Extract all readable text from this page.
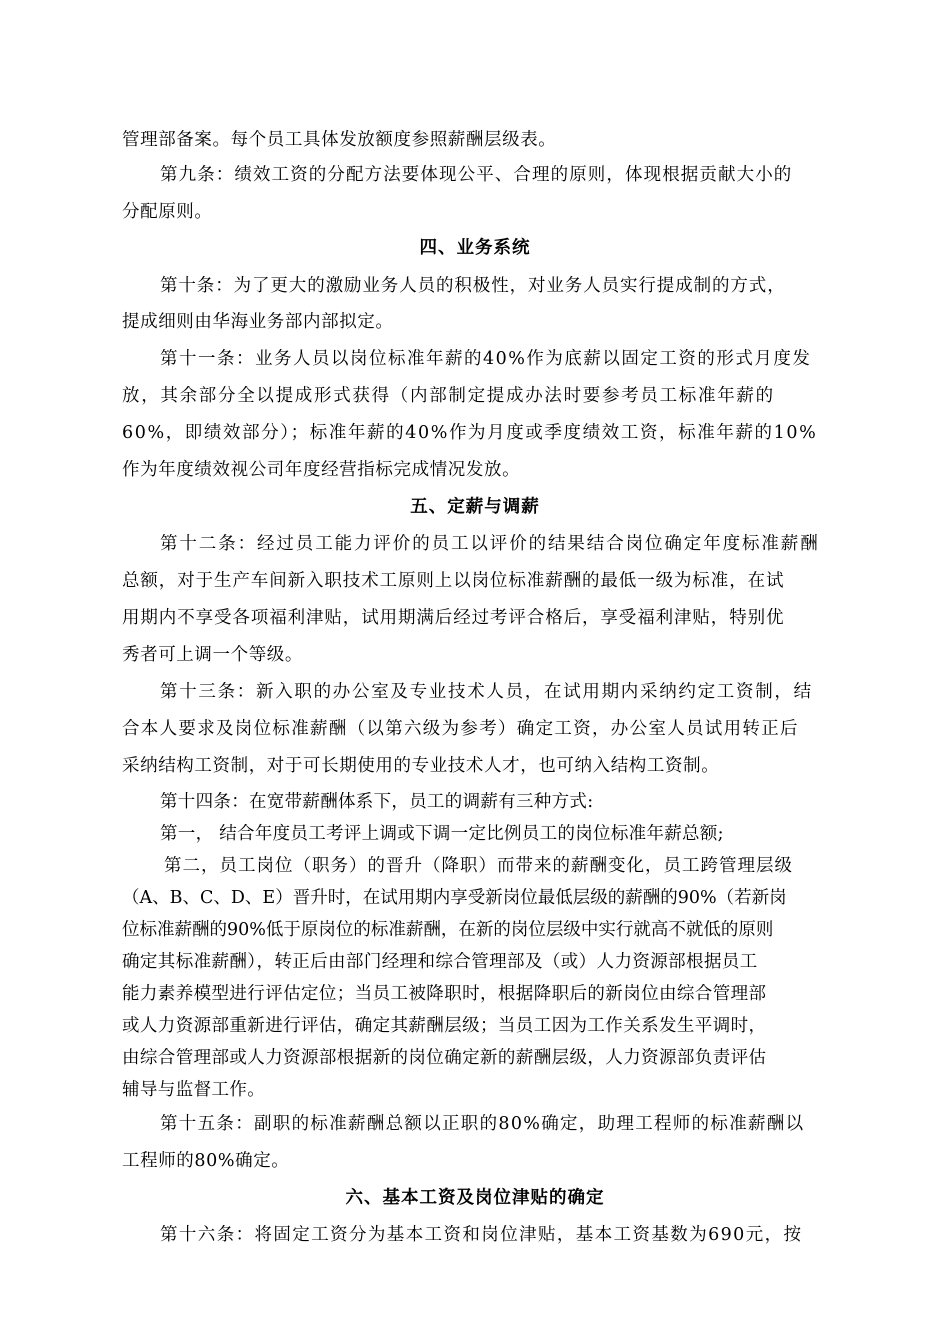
管理部备案。每个员工具体发放额度参照薪酬层级表。
第九条：绩效工资的分配方法要体现公平、合理的原则，体现根据贡献大小的
分配原则。
四、业务系统
第十条：为了更大的激励业务人员的积极性，对业务人员实行提成制的方式，
提成细则由华海业务部内部拟定。
第十一条：业务人员以岗位标准年薪的40%作为底薪以固定工资的形式月度发
放，其余部分全以提成形式获得（内部制定提成办法时要参考员工标准年薪的
60%，即绩效部分）；标准年薪的40%作为月度或季度绩效工资，标准年薪的10%
作为年度绩效视公司年度经营指标完成情况发放。
五、定薪与调薪
第十二条：经过员工能力评价的员工以评价的结果结合岗位确定年度标准薪酬
总额，对于生产车间新入职技术工原则上以岗位标准薪酬的最低一级为标准，在试
用期内不享受各项福利津贴，试用期满后经过考评合格后，享受福利津贴，特别优
秀者可上调一个等级。
第十三条：新入职的办公室及专业技术人员，在试用期内采纳约定工资制，结
合本人要求及岗位标准薪酬（以第六级为参考）确定工资，办公室人员试用转正后
采纳结构工资制，对于可长期使用的专业技术人才，也可纳入结构工资制。
第十四条：在宽带薪酬体系下，员工的调薪有三种方式:
第一， 结合年度员工考评上调或下调一定比例员工的岗位标准年薪总额;
第二，员工岗位（职务）的晋升（降职）而带来的薪酬变化，员工跨管理层级
（A、B、C、D、E）晋升时，在试用期内享受新岗位最低层级的薪酬的90%（若新岗
位标准薪酬的90%低于原岗位的标准薪酬，在新的岗位层级中实行就高不就低的原则
确定其标准薪酬），转正后由部门经理和综合管理部及（或）人力资源部根据员工
能力素养模型进行评估定位；当员工被降职时，根据降职后的新岗位由综合管理部
或人力资源部重新进行评估，确定其薪酬层级；当员工因为工作关系发生平调时，
由综合管理部或人力资源部根据新的岗位确定新的薪酬层级，人力资源部负责评估
辅导与监督工作。
第十五条：副职的标准薪酬总额以正职的80%确定，助理工程师的标准薪酬以
工程师的80%确定。
六、基本工资及岗位津贴的确定
第十六条：将固定工资分为基本工资和岗位津贴，基本工资基数为690元，按
